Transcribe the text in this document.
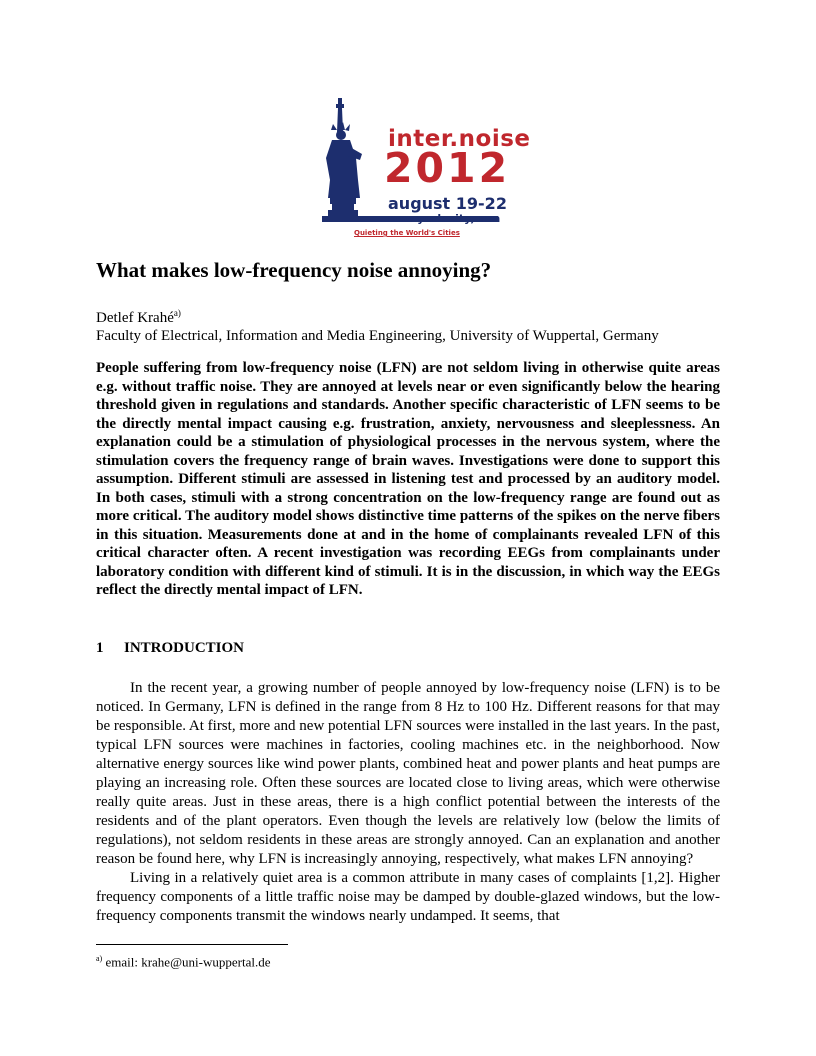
inter.noise
2012
august 19-22
new york city, usa
Quieting the World's Cities
What makes low-frequency noise annoying?
Detlef Krahé$^{a)}$
Faculty of Electrical, Information and Media Engineering, University of Wuppertal, Germany

People suffering from low-frequency noise (LFN) are not seldom living in otherwise quite areas e.g. without traffic noise. They are annoyed at levels near or even significantly below the hearing threshold given in regulations and standards. Another specific characteristic of LFN seems to be the directly mental impact causing e.g. frustration, anxiety, nervousness and sleeplessness. An explanation could be a stimulation of physiological processes in the nervous system, where the stimulation covers the frequency range of brain waves. Investigations were done to support this assumption. Different stimuli are assessed in listening test and processed by an auditory model. In both cases, stimuli with a strong concentration on the low-frequency range are found out as more critical. The auditory model shows distinctive time patterns of the spikes on the nerve fibers in this situation. Measurements done at and in the home of complainants revealed LFN of this critical character often. A recent investigation was recording EEGs from complainants under laboratory condition with different kind of stimuli. It is in the discussion, in which way the EEGs reflect the directly mental impact of LFN.

1 INTRODUCTION

In the recent year, a growing number of people annoyed by low-frequency noise (LFN) is to be noticed. In Germany, LFN is defined in the range from 8 Hz to 100 Hz. Different reasons for that may be responsible. At first, more and new potential LFN sources were installed in the last years. In the past, typical LFN sources were machines in factories, cooling machines etc. in the neighborhood. Now alternative energy sources like wind power plants, combined heat and power plants and heat pumps are playing an increasing role. Often these sources are located close to living areas, which were otherwise really quite areas. Just in these areas, there is a high conflict potential between the interests of the residents and of the plant operators. Even though the levels are relatively low (below the limits of regulations), not seldom residents in these areas are strongly annoyed. Can an explanation and another reason be found here, why LFN is increasingly annoying, respectively, what makes LFN annoying?

Living in a relatively quiet area is a common attribute in many cases of complaints [1,2]. Higher frequency components of a little traffic noise may be damped by double-glazed windows, but the low-frequency components transmit the windows nearly undamped. It seems, that

$^{a)}$ email: krahe@uni-wuppertal.de
